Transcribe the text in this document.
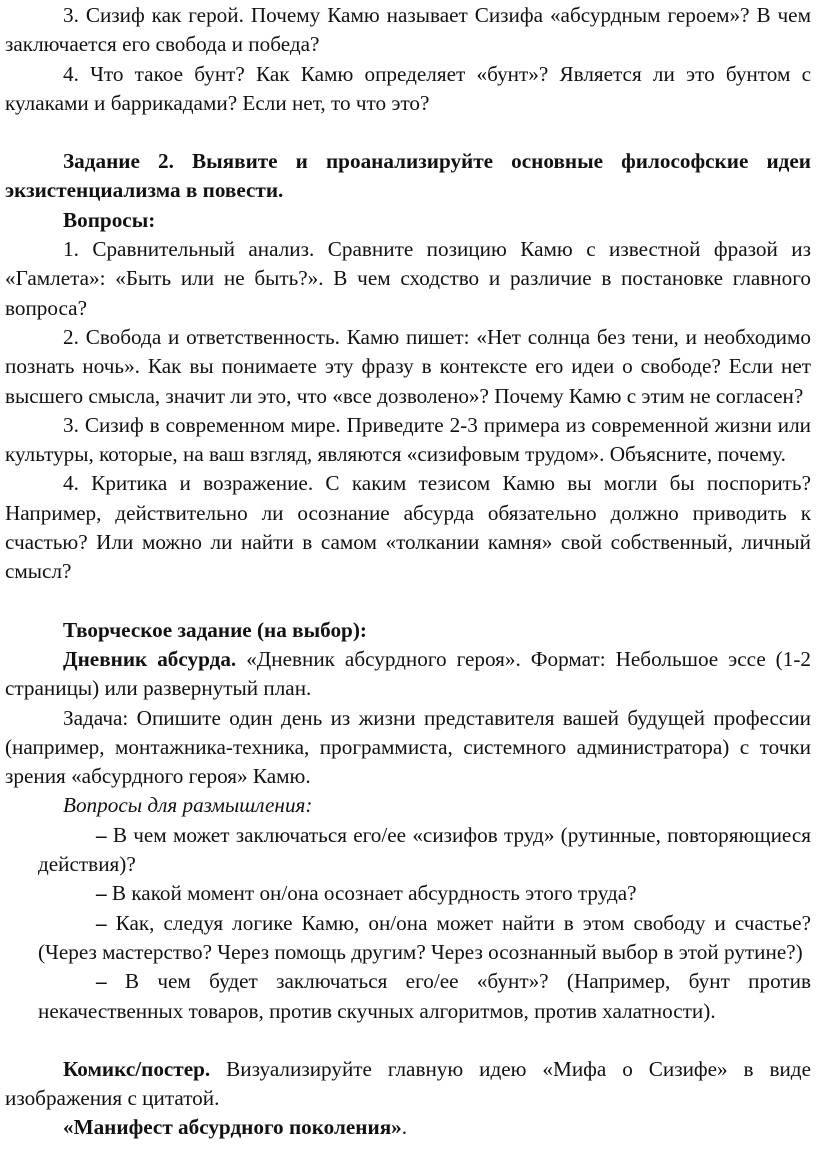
3. Сизиф как герой. Почему Камю называет Сизифа «абсурдным героем»? В чем заключается его свобода и победа?

4. Что такое бунт? Как Камю определяет «бунт»? Является ли это бунтом с кулаками и баррикадами? Если нет, то что это?

Задание 2. Выявите и проанализируйте основные философские идеи экзистенциализма в повести.

Вопросы:

1. Сравнительный анализ. Сравните позицию Камю с известной фразой из «Гамлета»: «Быть или не быть?». В чем сходство и различие в постановке главного вопроса?

2. Свобода и ответственность. Камю пишет: «Нет солнца без тени, и необходимо познать ночь». Как вы понимаете эту фразу в контексте его идеи о свободе? Если нет высшего смысла, значит ли это, что «все дозволено»? Почему Камю с этим не согласен?

3. Сизиф в современном мире. Приведите 2-3 примера из современной жизни или культуры, которые, на ваш взгляд, являются «сизифовым трудом». Объясните, почему.

4. Критика и возражение. С каким тезисом Камю вы могли бы поспорить? Например, действительно ли осознание абсурда обязательно должно приводить к счастью? Или можно ли найти в самом «толкании камня» свой собственный, личный смысл?

Творческое задание (на выбор):

Дневник абсурда. «Дневник абсурдного героя». Формат: Небольшое эссе (1-2 страницы) или развернутый план.

Задача: Опишите один день из жизни представителя вашей будущей профессии (например, монтажника-техника, программиста, системного администратора) с точки зрения «абсурдного героя» Камю.

Вопросы для размышления:

– В чем может заключаться его/ее «сизифов труд» (рутинные, повторяющиеся действия)?

– В какой момент он/она осознает абсурдность этого труда?

– Как, следуя логике Камю, он/она может найти в этом свободу и счастье? (Через мастерство? Через помощь другим? Через осознанный выбор в этой рутине?)

– В чем будет заключаться его/ее «бунт»? (Например, бунт против некачественных товаров, против скучных алгоритмов, против халатности).

Комикс/постер. Визуализируйте главную идею «Мифа о Сизифе» в виде изображения с цитатой.

«Манифест абсурдного поколения».
